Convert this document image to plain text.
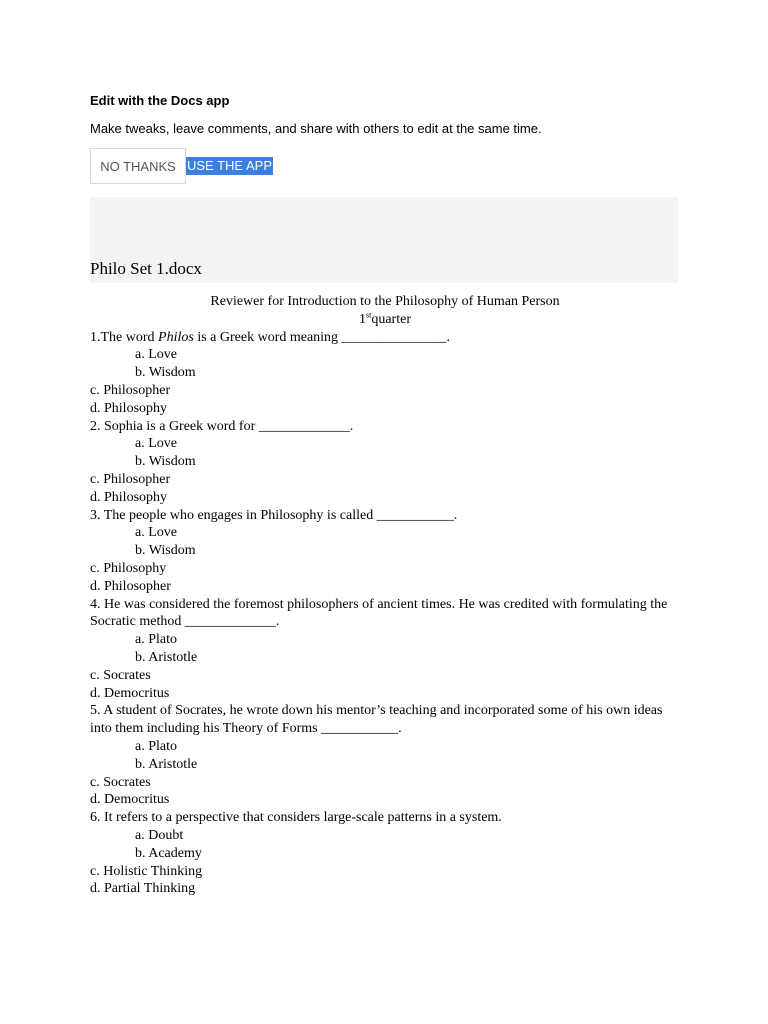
Edit with the Docs app
Make tweaks, leave comments, and share with others to edit at the same time.
NO THANKS USE THE APP
Philo Set 1.docx
Reviewer for Introduction to the Philosophy of Human Person
1stquarter
1.The word Philos is a Greek word meaning _______________.
a. Love
b. Wisdom
c. Philosopher
d. Philosophy
2. Sophia is a Greek word for _____________.
a. Love
b. Wisdom
c. Philosopher
d. Philosophy
3. The people who engages in Philosophy is called ___________.
a. Love
b. Wisdom
c. Philosophy
d. Philosopher
4. He was considered the foremost philosophers of ancient times. He was credited with formulating the Socratic method _____________.
a. Plato
b. Aristotle
c. Socrates
d. Democritus
5. A student of Socrates, he wrote down his mentor’s teaching and incorporated some of his own ideas into them including his Theory of Forms ___________.
a. Plato
b. Aristotle
c. Socrates
d. Democritus
6. It refers to a perspective that considers large-scale patterns in a system.
a. Doubt
b. Academy
c. Holistic Thinking
d. Partial Thinking
